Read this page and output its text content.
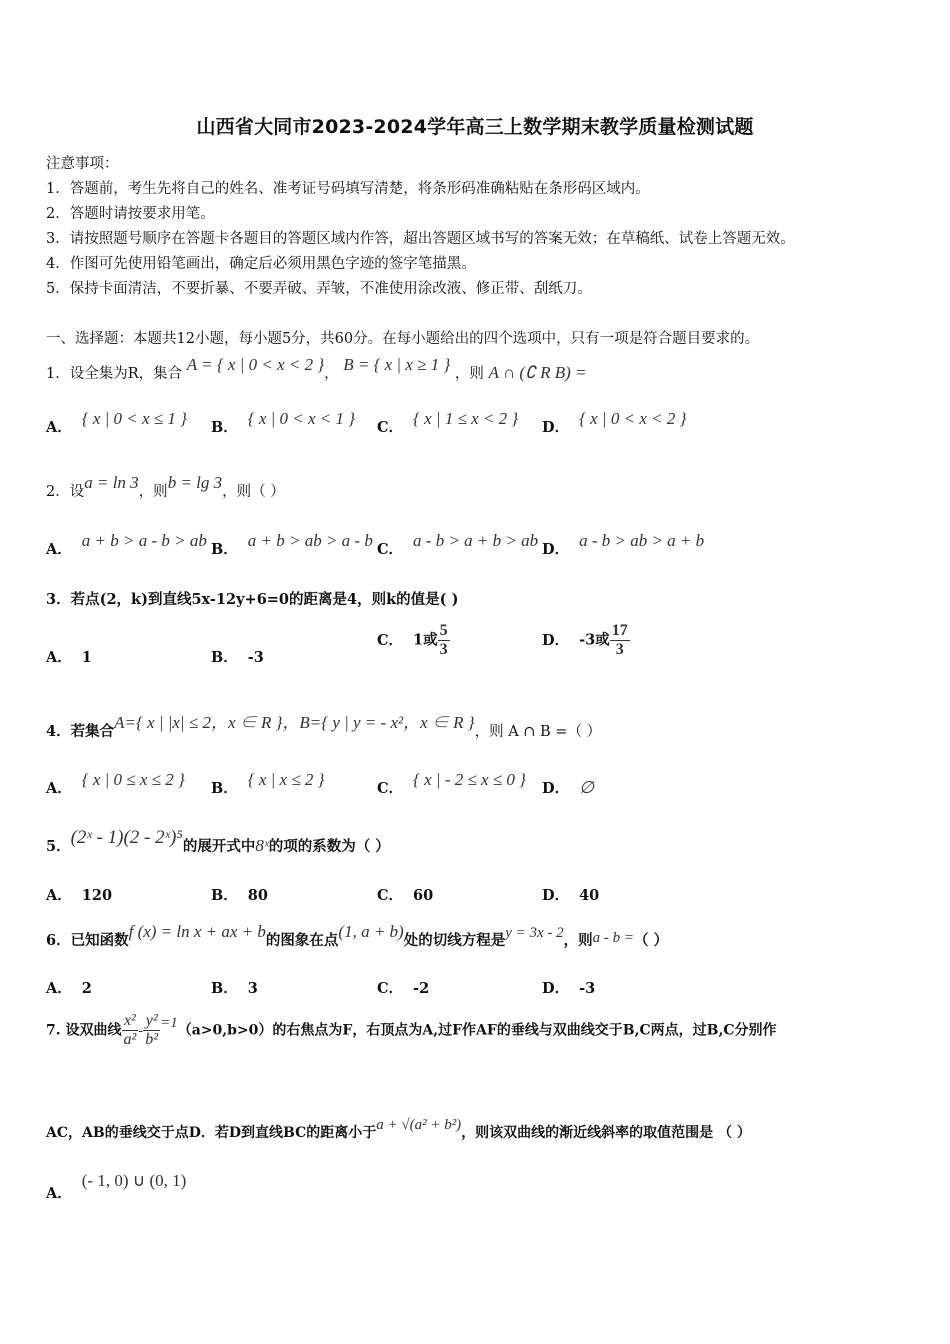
山西省大同市2023-2024学年高三上数学期末教学质量检测试题
注意事项：
1．答题前，考生先将自己的姓名、准考证号码填写清楚，将条形码准确粘贴在条形码区域内。
2．答题时请按要求用笔。
3．请按照题号顺序在答题卡各题目的答题区域内作答，超出答题区域书写的答案无效；在草稿纸、试卷上答题无效。
4．作图可先使用铅笔画出，确定后必须用黑色字迹的签字笔描黑。
5．保持卡面清洁，不要折暴、不要弄破、弄皱，不准使用涂改液、修正带、刮纸刀。
一、选择题：本题共12小题，每小题5分，共60分。在每小题给出的四个选项中，只有一项是符合题目要求的。
1．设全集为R，集合 A = { x | 0 < x < 2 }， B = { x | x ≥ 1 } ，则 A ∩ (∁ R B) =
A． { x | 0 < x ≤ 1 } B． { x | 0 < x < 1 } C． { x | 1 ≤ x < 2 } D． { x | 0 < x < 2 }
2．设a = ln 3，则b = lg 3，则（ ）
A． a + b > a - b > ab B． a + b > ab > a - b C． a - b > a + b > ab D． a - b > ab > a + b
3．若点(2，k)到直线5x-12y+6=0的距离是4，则k的值是( )
A． 1	B． -3
C． 1或 $\frac{5}{3}$	D． -3或 $\frac{17}{3}$
4．若集合A={ x | |x| ≤ 2，x ∈ R }，B={ y | y = - x²，x ∈ R }，则 A ∩ B =（ ）
A． { x | 0 ≤ x ≤ 2 } B． { x | x ≤ 2 }	C． { x | - 2 ≤ x ≤ 0 } D． ∅
5．(2ˣ - 1)(2 - 2ˣ)⁵的展开式中8ˣ的项的系数为（ ）
A． 120	B． 80	C． 60	D． 40
6．已知函数f (x) = ln x + ax + b的图象在点(1, a + b)处的切线方程是y = 3x - 2，则a - b =（ ）
A． 2	B． 3	C． -2	D． -3
7. 设双曲线 $\frac{\text{x²}}{\text{a²}} - \frac{\text{y²}}{\text{b²}} =1(a>0,b>0)$的右焦点为F，右顶点为A,过F作AF的垂线与双曲线交于B,C两点，过B,C分别作
AC，AB的垂线交于点D．若D到直线BC的距离小于a + √(a² + b²)，则该双曲线的渐近线斜率的取值范围是 （ ）
A．(- 1, 0) ∪ (0, 1)
